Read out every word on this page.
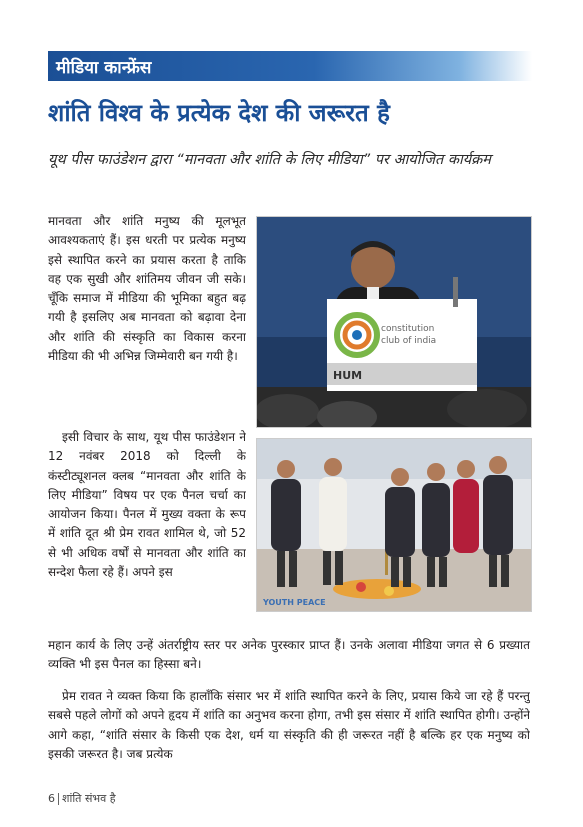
मीडिया कान्फ्रेंस
शांति विश्व के प्रत्येक देश की जरूरत है
यूथ पीस फाउंडेशन द्वारा “मानवता और शांति के लिए मीडिया” पर आयोजित कार्यक्रम
मानवता और शांति मनुष्य की मूलभूत आवश्यकताएं हैं। इस धरती पर प्रत्येक मनुष्य इसे स्थापित करने का प्रयास करता है ताकि वह एक सुखी और शांतिमय जीवन जी सके। चूँकि समाज में मीडिया की भूमिका बहुत बढ़ गयी है इसलिए अब मानवता को बढ़ावा देना और शांति की संस्कृति का विकास करना मीडिया की भी अभिन्न जिम्मेवारी बन गयी है।
इसी विचार के साथ, यूथ पीस फाउंडेशन ने 12 नवंबर 2018 को दिल्ली के कंस्टीट्यूशनल क्लब “मानवता और शांति के लिए मीडिया” विषय पर एक पैनल चर्चा का आयोजन किया। पैनल में मुख्य वक्ता के रूप में शांति दूत श्री प्रेम रावत शामिल थे, जो 52 से भी अधिक वर्षों से मानवता और शांति का सन्देश फैला रहे हैं। अपने इस
महान कार्य के लिए उन्हें अंतर्राष्ट्रीय स्तर पर अनेक पुरस्कार प्राप्त हैं। उनके अलावा मीडिया जगत से 6 प्रख्यात व्यक्ति भी इस पैनल का हिस्सा बने।
प्रेम रावत ने व्यक्त किया कि हालाँकि संसार भर में शांति स्थापित करने के लिए, प्रयास किये जा रहे हैं परन्तु सबसे पहले लोगों को अपने हृदय में शांति का अनुभव करना होगा, तभी इस संसार में शांति स्थापित होगी। उन्होंने आगे कहा, “शांति संसार के किसी एक देश, धर्म या संस्कृति की ही जरूरत नहीं है बल्कि हर एक मनुष्य को इसकी जरूरत है। जब प्रत्येक
constitution
club of india
HUM
YOUTH PEACE
6 शांति संभव है
